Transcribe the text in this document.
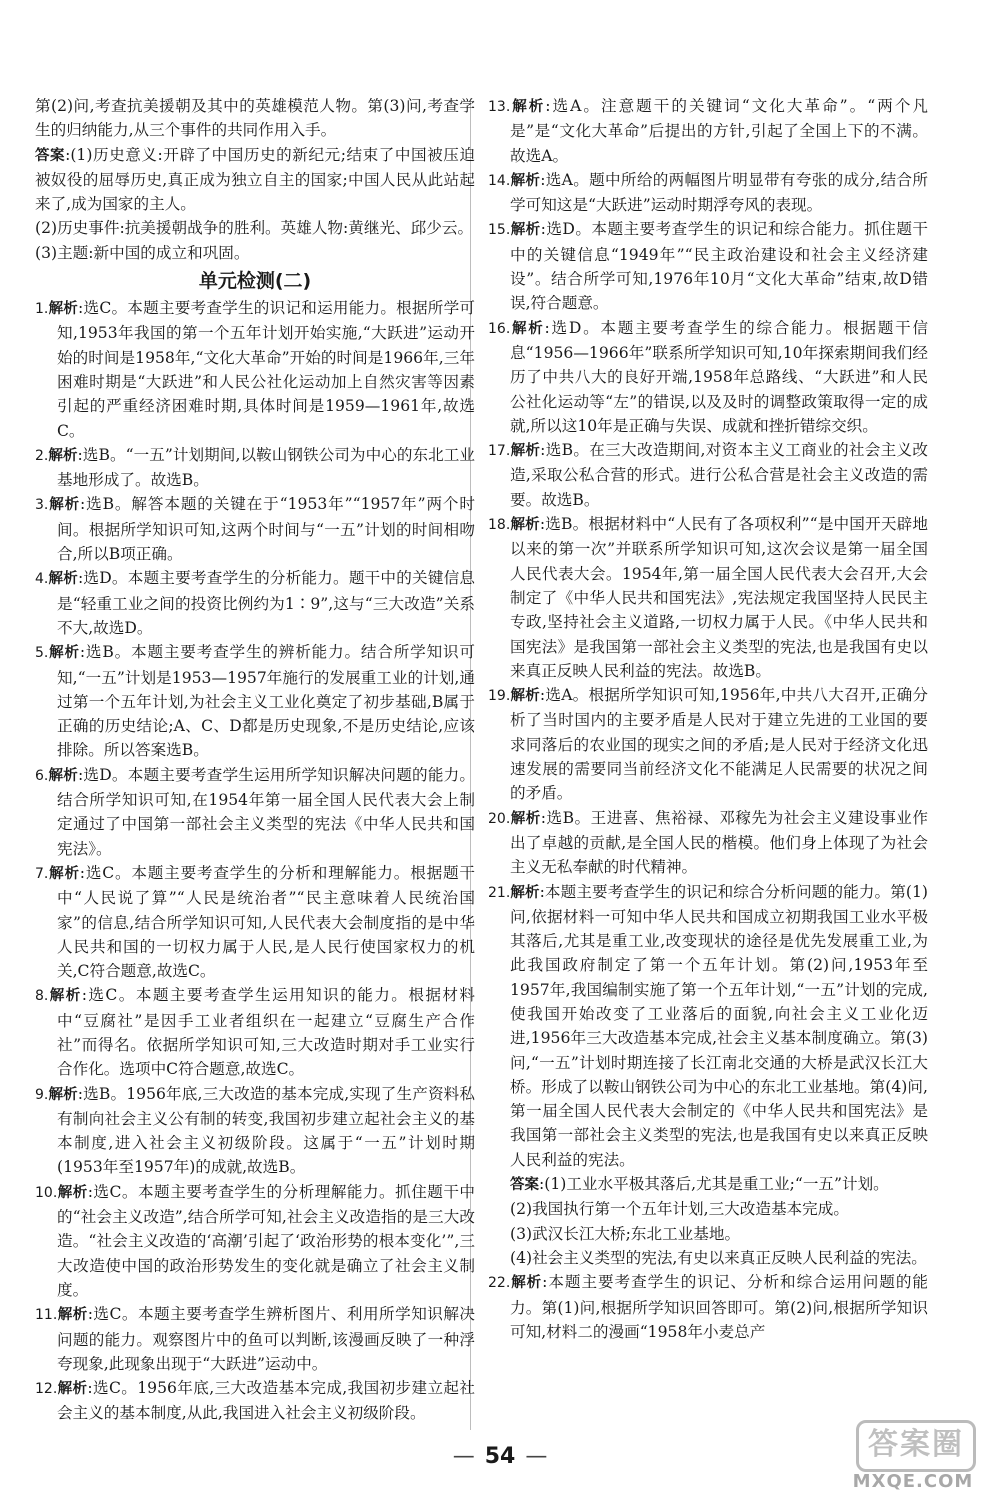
第(2)问,考查抗美援朝及其中的英雄模范人物。第(3)问,考查学生的归纳能力,从三个事件的共同作用入手。

答案:(1)历史意义:开辟了中国历史的新纪元;结束了中国被压迫被奴役的屈辱历史,真正成为独立自主的国家;中国人民从此站起来了,成为国家的主人。

(2)历史事件:抗美援朝战争的胜利。英雄人物:黄继光、邱少云。

(3)主题:新中国的成立和巩固。

单元检测(二)

1.解析:选C。本题主要考查学生的识记和运用能力。根据所学可知,1953年我国的第一个五年计划开始实施,“大跃进”运动开始的时间是1958年,“文化大革命”开始的时间是1966年,三年困难时期是“大跃进”和人民公社化运动加上自然灾害等因素引起的严重经济困难时期,具体时间是1959—1961年,故选C。

2.解析:选B。“一五”计划期间,以鞍山钢铁公司为中心的东北工业基地形成了。故选B。

3.解析:选B。解答本题的关键在于“1953年”“1957年”两个时间。根据所学知识可知,这两个时间与“一五”计划的时间相吻合,所以B项正确。

4.解析:选D。本题主要考查学生的分析能力。题干中的关键信息是“轻重工业之间的投资比例约为1∶9”,这与“三大改造”关系不大,故选D。

5.解析:选B。本题主要考查学生的辨析能力。结合所学知识可知,“一五”计划是1953—1957年施行的发展重工业的计划,通过第一个五年计划,为社会主义工业化奠定了初步基础,B属于正确的历史结论;A、C、D都是历史现象,不是历史结论,应该排除。所以答案选B。

6.解析:选D。本题主要考查学生运用所学知识解决问题的能力。结合所学知识可知,在1954年第一届全国人民代表大会上制定通过了中国第一部社会主义类型的宪法《中华人民共和国宪法》。

7.解析:选C。本题主要考查学生的分析和理解能力。根据题干中“人民说了算”“人民是统治者”“民主意味着人民统治国家”的信息,结合所学知识可知,人民代表大会制度指的是中华人民共和国的一切权力属于人民,是人民行使国家权力的机关,C符合题意,故选C。

8.解析:选C。本题主要考查学生运用知识的能力。根据材料中“豆腐社”是因手工业者组织在一起建立“豆腐生产合作社”而得名。依据所学知识可知,三大改造时期对手工业实行合作化。选项中C符合题意,故选C。

9.解析:选B。1956年底,三大改造的基本完成,实现了生产资料私有制向社会主义公有制的转变,我国初步建立起社会主义的基本制度,进入社会主义初级阶段。这属于“一五”计划时期(1953年至1957年)的成就,故选B。

10.解析:选C。本题主要考查学生的分析理解能力。抓住题干中的“社会主义改造”,结合所学可知,社会主义改造指的是三大改造。“社会主义改造的‘高潮’引起了‘政治形势的根本变化’”,三大改造使中国的政治形势发生的变化就是确立了社会主义制度。

11.解析:选C。本题主要考查学生辨析图片、利用所学知识解决问题的能力。观察图片中的鱼可以判断,该漫画反映了一种浮夸现象,此现象出现于“大跃进”运动中。

12.解析:选C。1956年底,三大改造基本完成,我国初步建立起社会主义的基本制度,从此,我国进入社会主义初级阶段。

13.解析:选A。注意题干的关键词“文化大革命”。“两个凡是”是“文化大革命”后提出的方针,引起了全国上下的不满。故选A。

14.解析:选A。题中所给的两幅图片明显带有夸张的成分,结合所学可知这是“大跃进”运动时期浮夸风的表现。

15.解析:选D。本题主要考查学生的识记和综合能力。抓住题干中的关键信息“1949年”“民主政治建设和社会主义经济建设”。结合所学可知,1976年10月“文化大革命”结束,故D错误,符合题意。

16.解析:选D。本题主要考查学生的综合能力。根据题干信息“1956—1966年”联系所学知识可知,10年探索期间我们经历了中共八大的良好开端,1958年总路线、“大跃进”和人民公社化运动等“左”的错误,以及及时的调整政策取得一定的成就,所以这10年是正确与失误、成就和挫折错综交织。

17.解析:选B。在三大改造期间,对资本主义工商业的社会主义改造,采取公私合营的形式。进行公私合营是社会主义改造的需要。故选B。

18.解析:选B。根据材料中“人民有了各项权利”“是中国开天辟地以来的第一次”并联系所学知识可知,这次会议是第一届全国人民代表大会。1954年,第一届全国人民代表大会召开,大会制定了《中华人民共和国宪法》,宪法规定我国坚持人民民主专政,坚持社会主义道路,一切权力属于人民。《中华人民共和国宪法》是我国第一部社会主义类型的宪法,也是我国有史以来真正反映人民利益的宪法。故选B。

19.解析:选A。根据所学知识可知,1956年,中共八大召开,正确分析了当时国内的主要矛盾是人民对于建立先进的工业国的要求同落后的农业国的现实之间的矛盾;是人民对于经济文化迅速发展的需要同当前经济文化不能满足人民需要的状况之间的矛盾。

20.解析:选B。王进喜、焦裕禄、邓稼先为社会主义建设事业作出了卓越的贡献,是全国人民的楷模。他们身上体现了为社会主义无私奉献的时代精神。

21.解析:本题主要考查学生的识记和综合分析问题的能力。第(1)问,依据材料一可知中华人民共和国成立初期我国工业水平极其落后,尤其是重工业,改变现状的途径是优先发展重工业,为此我国政府制定了第一个五年计划。第(2)问,1953年至1957年,我国编制实施了第一个五年计划,“一五”计划的完成,使我国开始改变了工业落后的面貌,向社会主义工业化迈进,1956年三大改造基本完成,社会主义基本制度确立。第(3)问,“一五”计划时期连接了长江南北交通的大桥是武汉长江大桥。形成了以鞍山钢铁公司为中心的东北工业基地。第(4)问,第一届全国人民代表大会制定的《中华人民共和国宪法》是我国第一部社会主义类型的宪法,也是我国有史以来真正反映人民利益的宪法。

答案:(1)工业水平极其落后,尤其是重工业;“一五”计划。

(2)我国执行第一个五年计划,三大改造基本完成。

(3)武汉长江大桥;东北工业基地。

(4)社会主义类型的宪法,有史以来真正反映人民利益的宪法。

22.解析:本题主要考查学生的识记、分析和综合运用问题的能力。第(1)问,根据所学知识回答即可。第(2)问,根据所学知识可知,材料二的漫画“1958年小麦总产

— 54 —	答案圈
MXQE.COM
